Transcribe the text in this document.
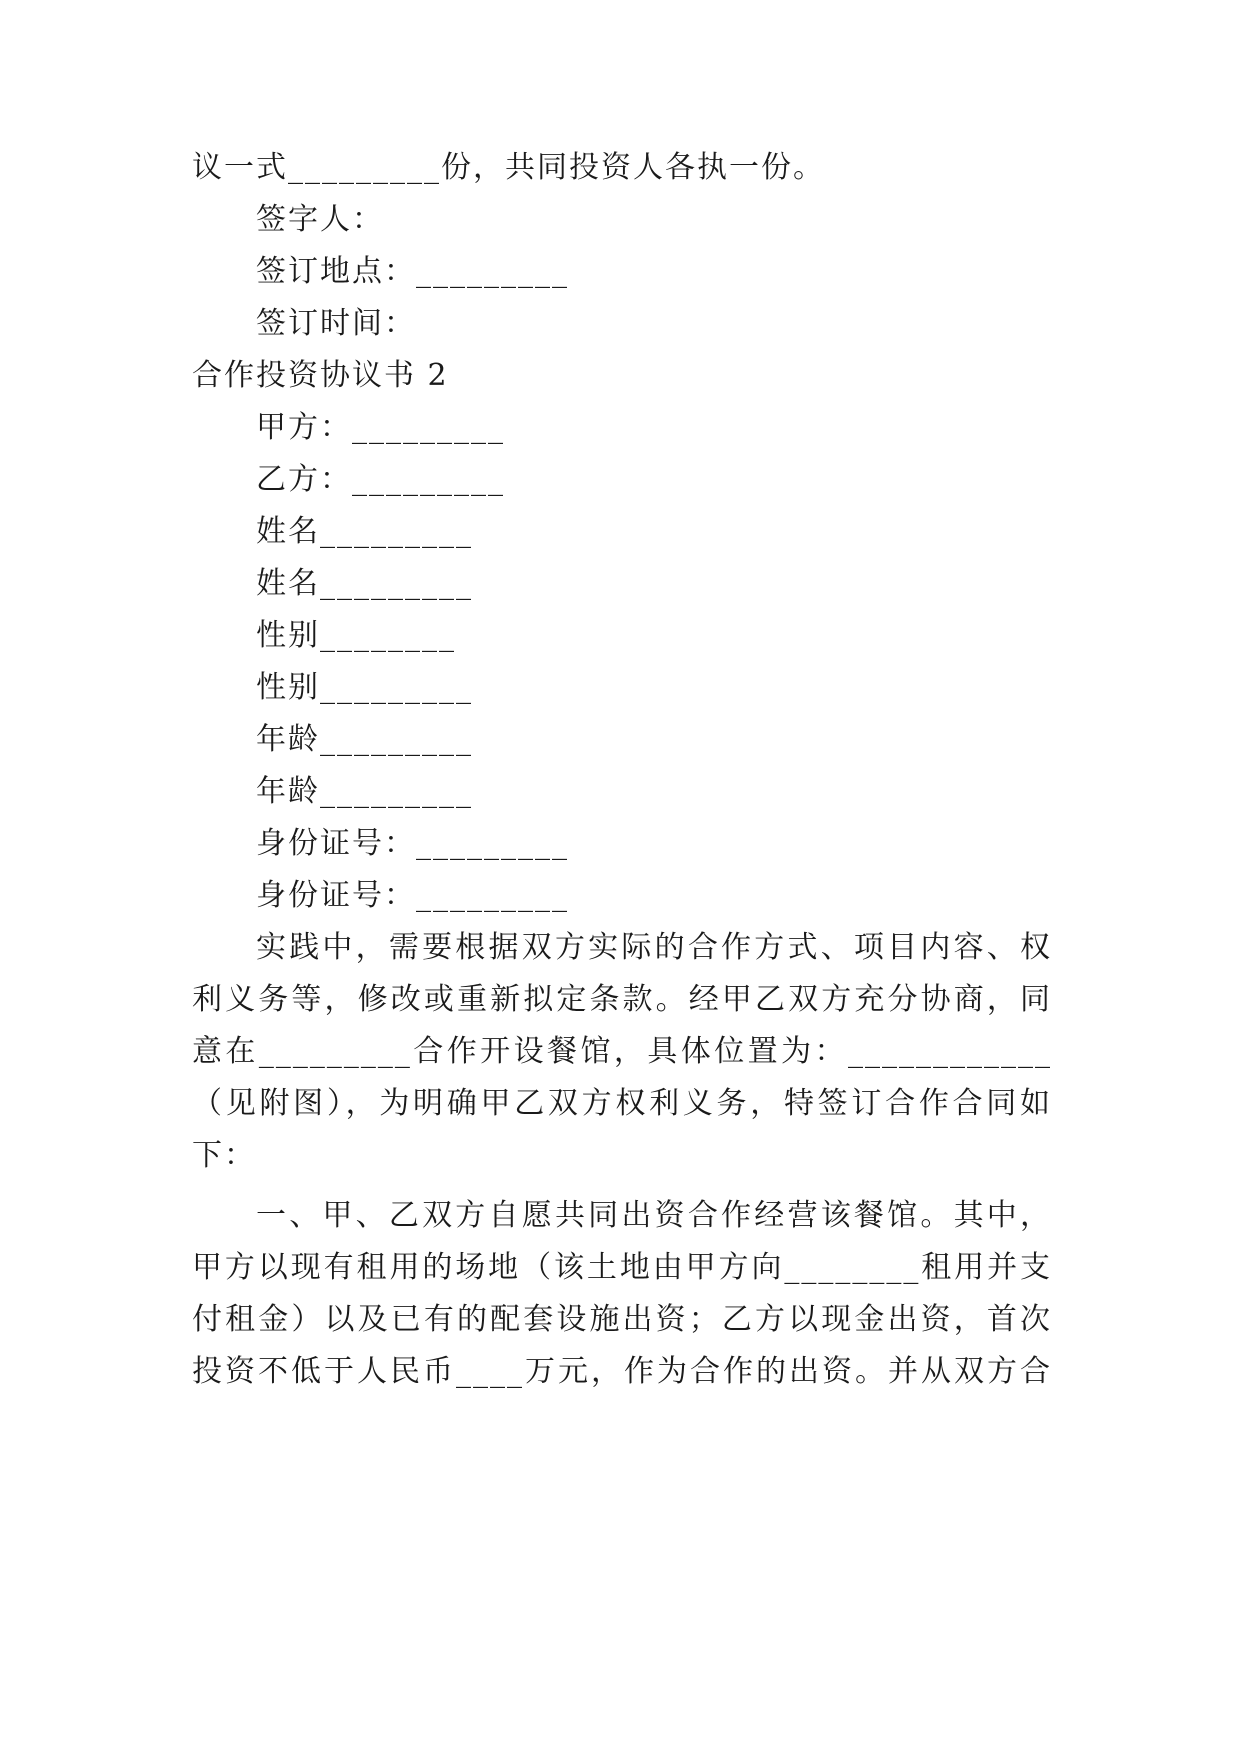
议一式_________份，共同投资人各执一份。
签字人：
签订地点：_________
签订时间：
合作投资协议书 2
甲方：_________
乙方：_________
姓名_________
姓名_________
性别________
性别_________
年龄_________
年龄_________
身份证号：_________
身份证号：_________
实践中，需要根据双方实际的合作方式、项目内容、权
利义务等，修改或重新拟定条款。经甲乙双方充分协商，同
意在_________合作开设餐馆，具体位置为：____________
（见附图），为明确甲乙双方权利义务，特签订合作合同如
下：
一、甲、乙双方自愿共同出资合作经营该餐馆。其中，
甲方以现有租用的场地（该土地由甲方向________租用并支
付租金）以及已有的配套设施出资；乙方以现金出资，首次
投资不低于人民币____万元，作为合作的出资。并从双方合
